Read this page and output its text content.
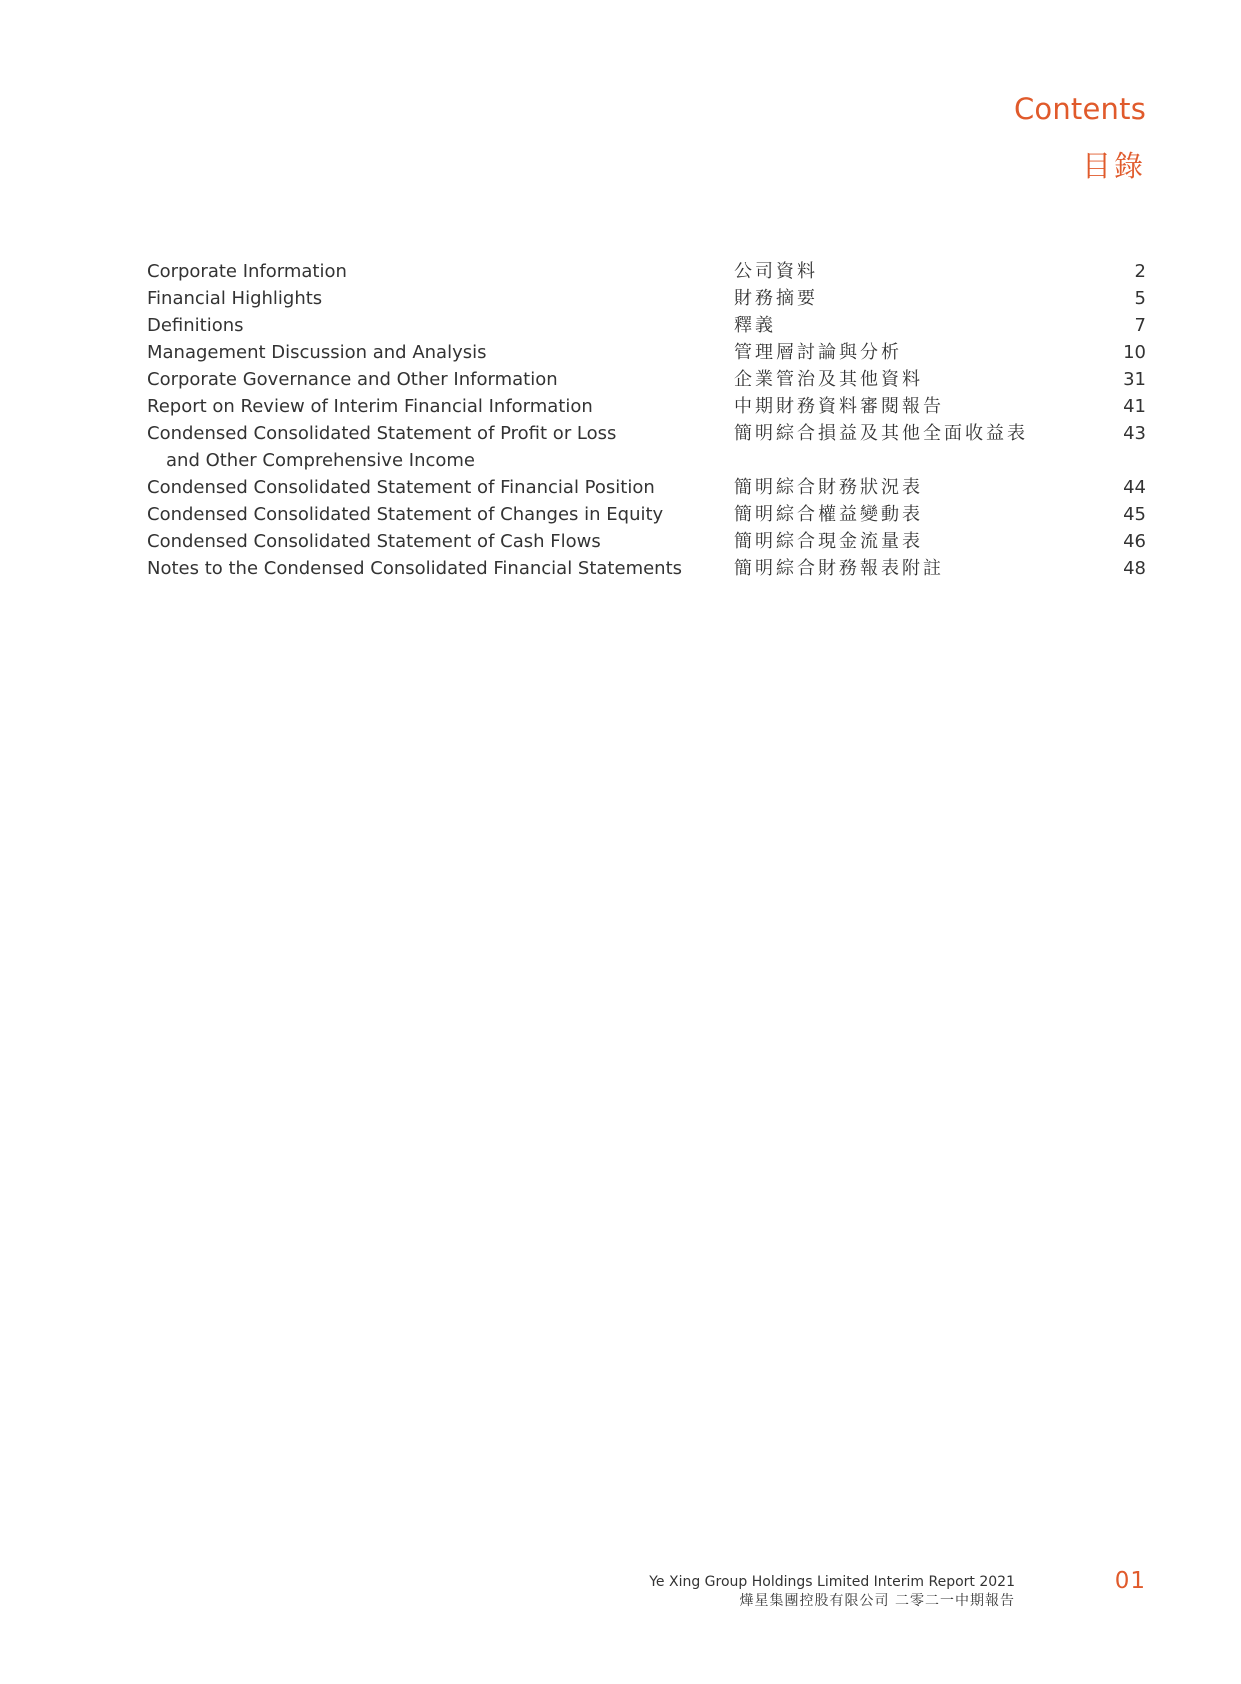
Contents
目錄
Corporate Information	公司資料	2
Financial Highlights	財務摘要	5
Definitions	釋義	7
Management Discussion and Analysis	管理層討論與分析	10
Corporate Governance and Other Information	企業管治及其他資料	31
Report on Review of Interim Financial Information	中期財務資料審閱報告	41
Condensed Consolidated Statement of Profit or Loss
and Other Comprehensive Income
簡明綜合損益及其他全面收益表	43
Condensed Consolidated Statement of Financial Position	簡明綜合財務狀況表	44
Condensed Consolidated Statement of Changes in Equity	簡明綜合權益變動表	45
Condensed Consolidated Statement of Cash Flows	簡明綜合現金流量表	46
Notes to the Condensed Consolidated Financial Statements	簡明綜合財務報表附註	48
Ye Xing Group Holdings Limited Interim Report 2021
燁星集團控股有限公司 二零二一中期報告
01
